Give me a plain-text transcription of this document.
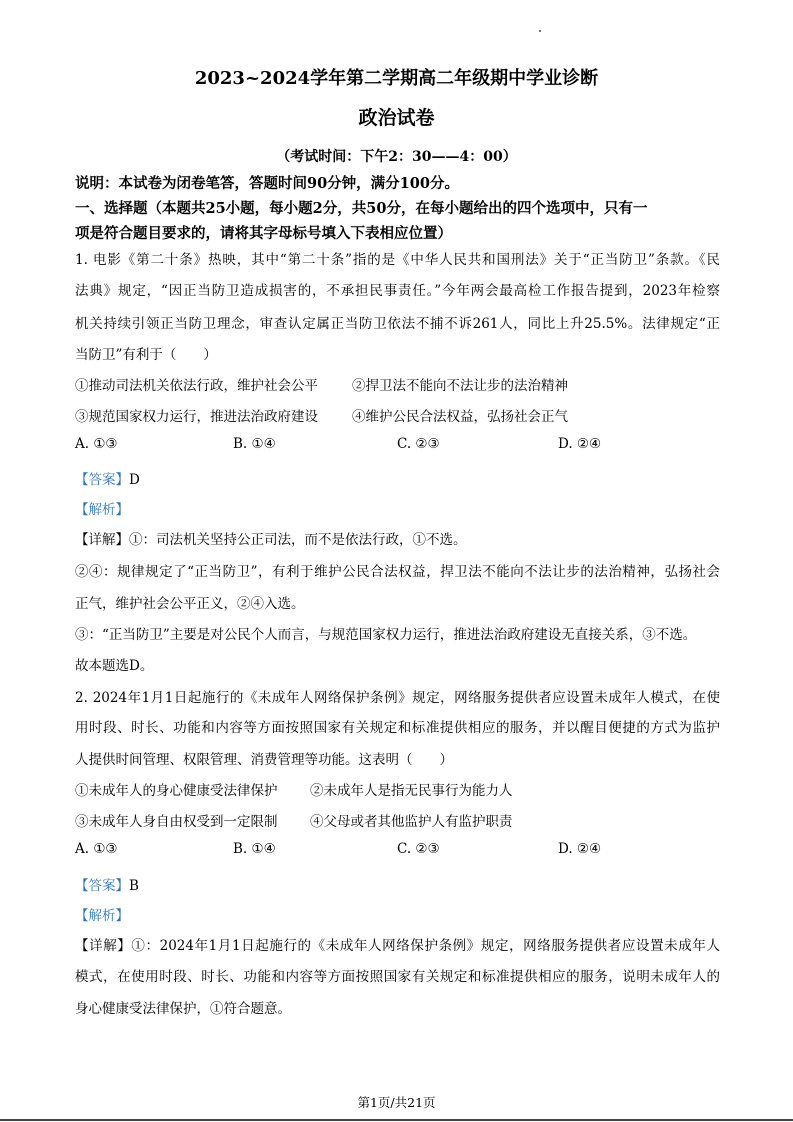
2023~2024学年第二学期高二年级期中学业诊断
政治试卷
（考试时间：下午2：30——4：00）
说明：本试卷为闭卷笔答，答题时间90分钟，满分100分。
一、选择题（本题共25小题，每小题2分，共50分，在每小题给出的四个选项中，只有一
项是符合题目要求的，请将其字母标号填入下表相应位置）
1. 电影《第二十条》热映，其中“第二十条”指的是《中华人民共和国刑法》关于“正当防卫”条款。《民
法典》规定，“因正当防卫造成损害的，不承担民事责任。”今年两会最高检工作报告提到，2023年检察
机关持续引领正当防卫理念，审查认定属正当防卫依法不捕不诉261人，同比上升25.5%。法律规定“正
当防卫”有利于（　　）
①推动司法机关依法行政，维护社会公平	②捍卫法不能向不法让步的法治精神
③规范国家权力运行，推进法治政府建设	④维护公民合法权益，弘扬社会正气
A. ①③	B. ①④	C. ②③	D. ②④
【答案】D
【解析】
【详解】①：司法机关坚持公正司法，而不是依法行政，①不选。
②④：规律规定了“正当防卫”，有利于维护公民合法权益，捍卫法不能向不法让步的法治精神，弘扬社会
正气，维护社会公平正义，②④入选。
③：“正当防卫”主要是对公民个人而言，与规范国家权力运行，推进法治政府建设无直接关系，③不选。
故本题选D。
2. 2024年1月1日起施行的《未成年人网络保护条例》规定，网络服务提供者应设置未成年人模式，在使
用时段、时长、功能和内容等方面按照国家有关规定和标准提供相应的服务，并以醒目便捷的方式为监护
人提供时间管理、权限管理、消费管理等功能。这表明（　　）
①未成年人的身心健康受法律保护 ②未成年人是指无民事行为能力人
③未成年人身自由权受到一定限制 ④父母或者其他监护人有监护职责
A. ①③	B. ①④	C. ②③	D. ②④
【答案】B
【解析】
【详解】①：2024年1月1日起施行的《未成年人网络保护条例》规定，网络服务提供者应设置未成年人
模式，在使用时段、时长、功能和内容等方面按照国家有关规定和标准提供相应的服务，说明未成年人的
身心健康受法律保护，①符合题意。
第1页/共21页
